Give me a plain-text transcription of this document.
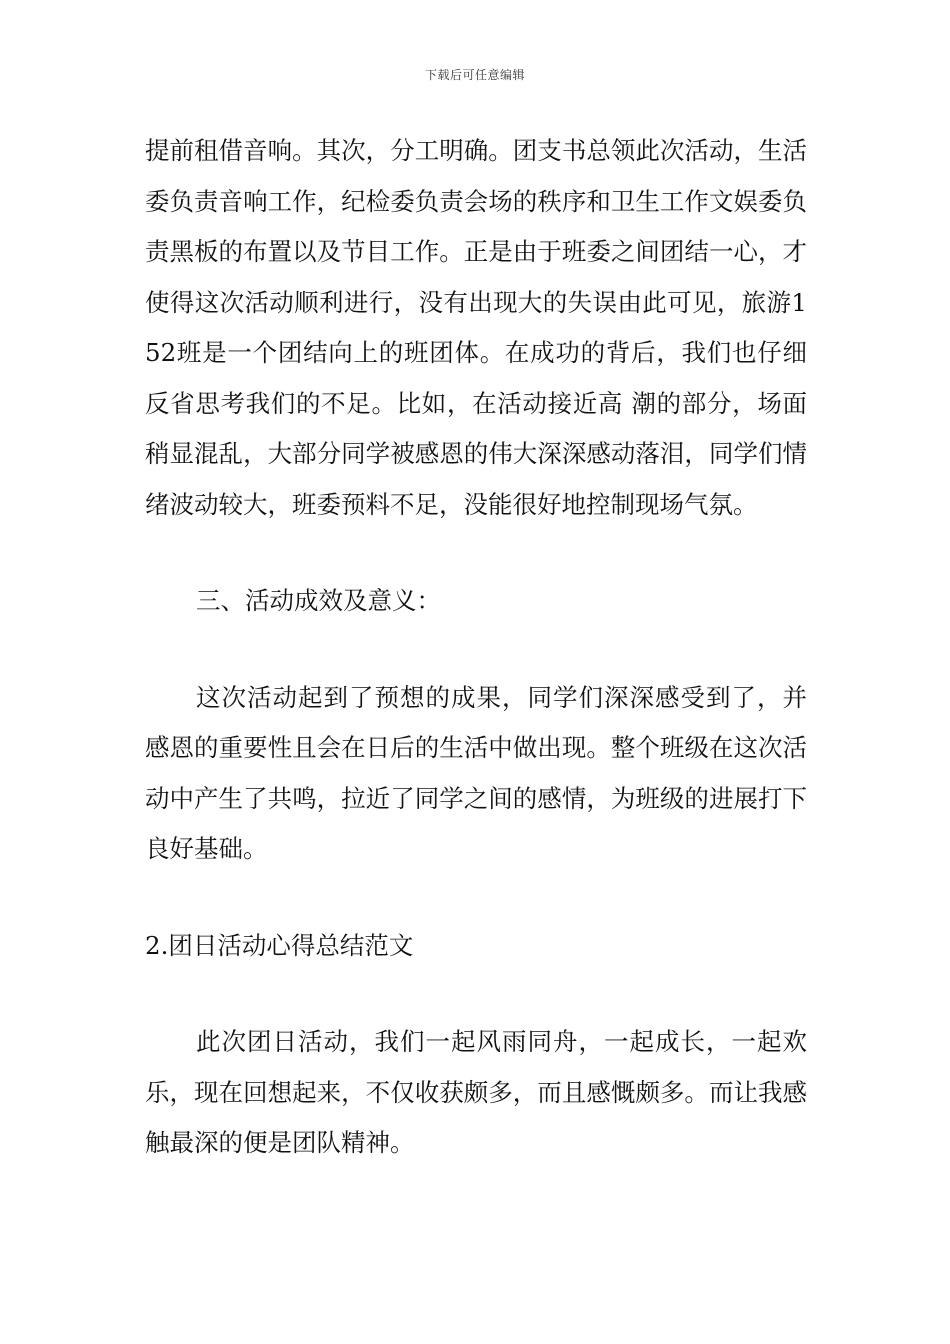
下载后可任意编辑

提前租借音响。其次，分工明确。团支书总领此次活动，生活委负责音响工作，纪检委负责会场的秩序和卫生工作文娱委负责黑板的布置以及节目工作。正是由于班委之间团结一心，才使得这次活动顺利进行，没有出现大的失误由此可见，旅游152班是一个团结向上的班团体。在成功的背后，我们也仔细反省思考我们的不足。比如，在活动接近高 潮的部分，场面稍显混乱，大部分同学被感恩的伟大深深感动落泪，同学们情绪波动较大，班委预料不足，没能很好地控制现场气氛。

三、活动成效及意义：

这次活动起到了预想的成果，同学们深深感受到了，并感恩的重要性且会在日后的生活中做出现。整个班级在这次活动中产生了共鸣，拉近了同学之间的感情，为班级的进展打下良好基础。

2.团日活动心得总结范文

此次团日活动，我们一起风雨同舟，一起成长，一起欢乐，现在回想起来，不仅收获颇多，而且感慨颇多。而让我感触最深的便是团队精神。
